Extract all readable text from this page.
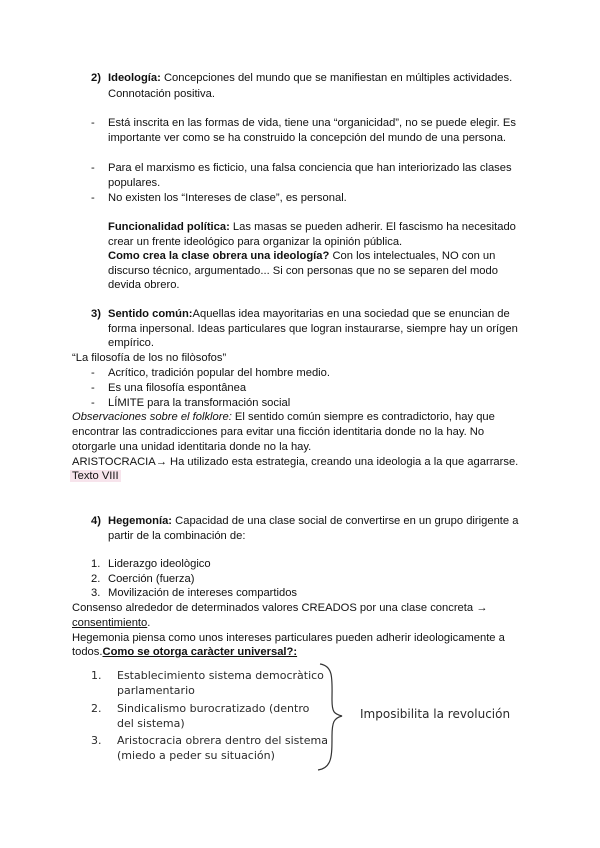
2) Ideología: Concepciones del mundo que se manifiestan en múltiples actividades.
Connotación positiva.
- Está inscrita en las formas de vida, tiene una “organicidad”, no se puede elegir. Es
importante ver como se ha construido la concepción del mundo de una persona.
- Para el marxismo es ficticio, una falsa conciencia que han interiorizado las clases
populares.
- No existen los “Intereses de clase”, es personal.
Funcionalidad política: Las masas se pueden adherir. El fascismo ha necesitado
crear un frente ideológico para organizar la opinión pública.
Como crea la clase obrera una ideología? Con los intelectuales, NO con un
discurso técnico, argumentado... Si con personas que no se separen del modo
devida obrero.
3) Sentido común:Aquellas idea mayoritarias en una sociedad que se enuncian de
forma inpersonal. Ideas particulares que logran instaurarse, siempre hay un orígen
empírico.
“La filosofía de los no filòsofos”
- Acrítico, tradición popular del hombre medio.
- Es una filosofía espontânea
- LÍMITE para la transformación social
Observaciones sobre el folklore: El sentido común siempre es contradictorio, hay que
encontrar las contradicciones para evitar una ficción identitaria donde no la hay. No
otorgarle una unidad identitaria donde no la hay.
ARISTOCRACIA→ Ha utilizado esta estrategia, creando una ideologia a la que agarrarse.
Texto VIII
4) Hegemonía: Capacidad de una clase social de convertirse en un grupo dirigente a
partir de la combinación de:
1. Liderazgo ideològico
2. Coerción (fuerza)
3. Movilización de intereses compartidos
Consenso alrededor de determinados valores CREADOS por una clase concreta →
consentimiento.
Hegemonia piensa como unos intereses particulares pueden adherir ideologicamente a
todos.Como se otorga caràcter universal?:
1. Establecimiento sistema democràtico
parlamentario
2. Sindicalismo burocratizado (dentro
del sistema)
3. Aristocracia obrera dentro del sistema
(miedo a peder su situación)
Imposibilita la revolución
